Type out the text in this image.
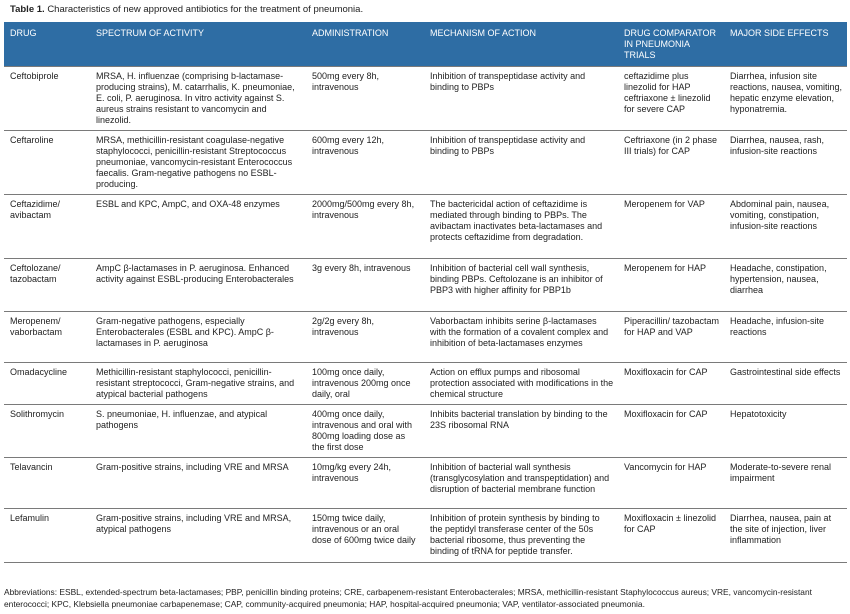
Table 1. Characteristics of new approved antibiotics for the treatment of pneumonia.
DRUG	SPECTRUM OF ACTIVITY	ADMINISTRATION	MECHANISM OF ACTION	DRUG COMPARATOR IN PNEUMONIA TRIALS	MAJOR SIDE EFFECTS
Ceftobiprole	MRSA, H. influenzae (comprising b-lactamase-producing strains), M. catarrhalis, K. pneumoniae, E. coli, P. aeruginosa. In vitro activity against S. aureus strains resistant to vancomycin and linezolid.	500mg every 8h, intravenous	Inhibition of transpeptidase activity and binding to PBPs	ceftazidime plus linezolid for HAP ceftriaxone ± linezolid for severe CAP	Diarrhea, infusion site reactions, nausea, vomiting, hepatic enzyme elevation, hyponatremia.
Ceftaroline	MRSA, methicillin-resistant coagulase-negative staphylococci, penicillin-resistant Streptococcus pneumoniae, vancomycin-resistant Enterococcus faecalis. Gram-negative pathogens no ESBL-producing.	600mg every 12h, intravenous	Inhibition of transpeptidase activity and binding to PBPs	Ceftriaxone (in 2 phase III trials) for CAP	Diarrhea, nausea, rash, infusion-site reactions
Ceftazidime/ avibactam	ESBL and KPC, AmpC, and OXA-48 enzymes	2000mg/500mg every 8h, intravenous	The bactericidal action of ceftazidime is mediated through binding to PBPs. The avibactam inactivates beta-lactamases and protects ceftazidime from degradation.	Meropenem for VAP	Abdominal pain, nausea, vomiting, constipation, infusion-site reactions
Ceftolozane/ tazobactam	AmpC β-lactamases in P. aeruginosa. Enhanced activity against ESBL-producing Enterobacterales	3g every 8h, intravenous	Inhibition of bacterial cell wall synthesis, binding PBPs. Ceftolozane is an inhibitor of PBP3 with higher affinity for PBP1b	Meropenem for HAP	Headache, constipation, hypertension, nausea, diarrhea
Meropenem/ vaborbactam	Gram-negative pathogens, especially Enterobacterales (ESBL and KPC). AmpC β-lactamases in P. aeruginosa	2g/2g every 8h, intravenous	Vaborbactam inhibits serine β-lactamases with the formation of a covalent complex and inhibition of beta-lactamases enzymes	Piperacillin/ tazobactam for HAP and VAP	Headache, infusion-site reactions
Omadacycline	Methicillin-resistant staphylococci, penicillin-resistant streptococci, Gram-negative strains, and atypical bacterial pathogens	100mg once daily, intravenous 200mg once daily, oral	Action on efflux pumps and ribosomal protection associated with modifications in the chemical structure	Moxifloxacin for CAP	Gastrointestinal side effects
Solithromycin	S. pneumoniae, H. influenzae, and atypical pathogens	400mg once daily, intravenous and oral with 800mg loading dose as the first dose	Inhibits bacterial translation by binding to the 23S ribosomal RNA	Moxifloxacin for CAP	Hepatotoxicity
Telavancin	Gram-positive strains, including VRE and MRSA	10mg/kg every 24h, intravenous	Inhibition of bacterial wall synthesis (transglycosylation and transpeptidation) and disruption of bacterial membrane function	Vancomycin for HAP	Moderate-to-severe renal impairment
Lefamulin	Gram-positive strains, including VRE and MRSA, atypical pathogens	150mg twice daily, intravenous or an oral dose of 600mg twice daily	Inhibition of protein synthesis by binding to the peptidyl transferase center of the 50s bacterial ribosome, thus preventing the binding of tRNA for peptide transfer.	Moxifloxacin ± linezolid for CAP	Diarrhea, nausea, pain at the site of injection, liver inflammation
Abbreviations: ESBL, extended-spectrum beta-lactamases; PBP, penicillin binding proteins; CRE, carbapenem-resistant Enterobacterales; MRSA, methicillin-resistant Staphylococcus aureus; VRE, vancomycin-resistant enterococci; KPC, Klebsiella pneumoniae carbapenemase; CAP, community-acquired pneumonia; HAP, hospital-acquired pneumonia; VAP, ventilator-associated pneumonia.
